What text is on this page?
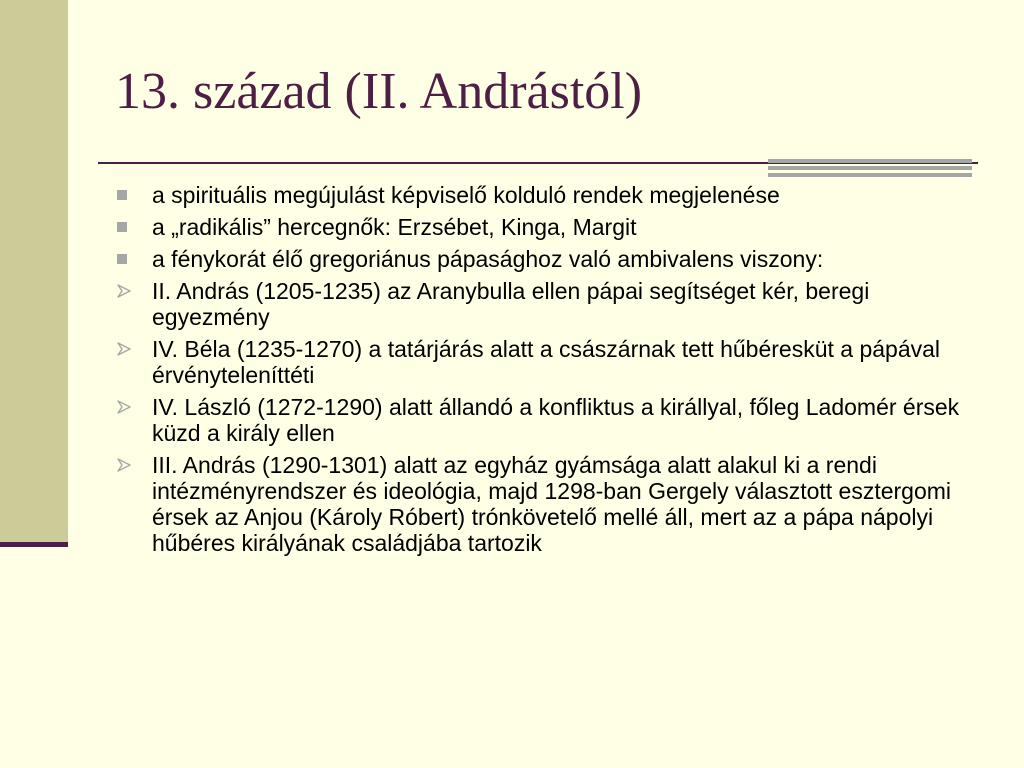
13. század (II. Andrástól)
a spirituális megújulást képviselő kolduló rendek megjelenése
a „radikális” hercegnők: Erzsébet, Kinga, Margit
a fénykorát élő gregoriánus pápasághoz való ambivalens viszony:
II. András (1205-1235) az Aranybulla ellen pápai segítséget kér, beregi egyezmény
IV. Béla (1235-1270) a tatárjárás alatt a császárnak tett hűbéresküt a pápával érvényteleníttéti
IV. László (1272-1290) alatt állandó a konfliktus a királlyal, főleg Ladomér érsek küzd a király ellen
III. András (1290-1301) alatt az egyház gyámsága alatt alakul ki a rendi intézményrendszer és ideológia, majd 1298-ban Gergely választott esztergomi érsek az Anjou (Károly Róbert) trónkövetelő mellé áll, mert az a pápa nápolyi hűbéres királyának családjába tartozik
